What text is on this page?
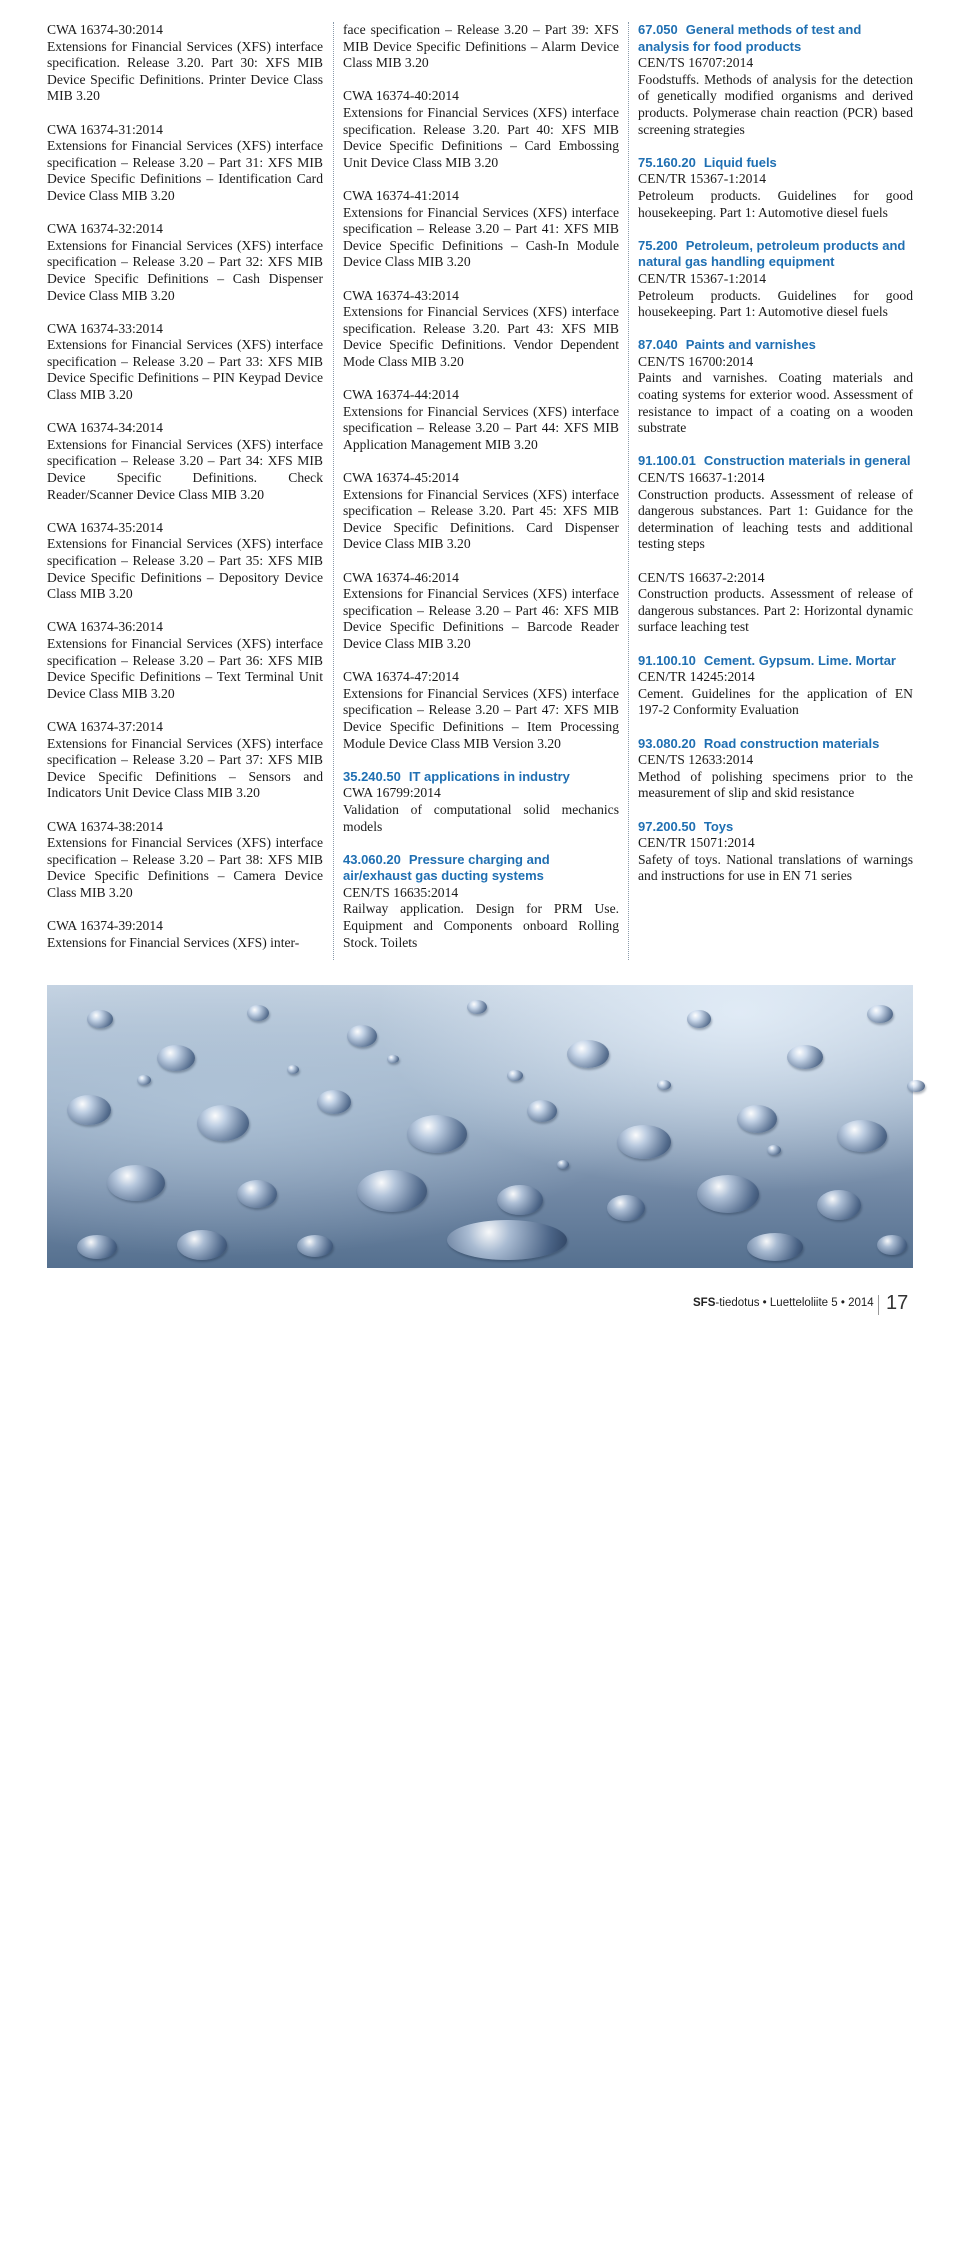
CWA 16374-30:2014
Extensions for Financial Services (XFS) interface specification. Release 3.20. Part 30: XFS MIB Device Specific Definitions. Printer Device Class MIB 3.20
CWA 16374-31:2014
Extensions for Financial Services (XFS) interface specification – Release 3.20 – Part 31: XFS MIB Device Specific Definitions – Identification Card Device Class MIB 3.20
CWA 16374-32:2014
Extensions for Financial Services (XFS) interface specification – Release 3.20 – Part 32: XFS MIB Device Specific Definitions – Cash Dispenser Device Class MIB 3.20
CWA 16374-33:2014
Extensions for Financial Services (XFS) interface specification – Release 3.20 – Part 33: XFS MIB Device Specific Definitions – PIN Keypad Device Class MIB 3.20
CWA 16374-34:2014
Extensions for Financial Services (XFS) interface specification – Release 3.20 – Part 34: XFS MIB Device Specific Definitions. Check Reader/Scanner Device Class MIB 3.20
CWA 16374-35:2014
Extensions for Financial Services (XFS) interface specification – Release 3.20 – Part 35: XFS MIB Device Specific Definitions – Depository Device Class MIB 3.20
CWA 16374-36:2014
Extensions for Financial Services (XFS) interface specification – Release 3.20 – Part 36: XFS MIB Device Specific Definitions – Text Terminal Unit Device Class MIB 3.20
CWA 16374-37:2014
Extensions for Financial Services (XFS) interface specification – Release 3.20 – Part 37: XFS MIB Device Specific Definitions – Sensors and Indicators Unit Device Class MIB 3.20
CWA 16374-38:2014
Extensions for Financial Services (XFS) interface specification – Release 3.20 – Part 38: XFS MIB Device Specific Definitions – Camera Device Class MIB 3.20
CWA 16374-39:2014
Extensions for Financial Services (XFS) inter-
face specification – Release 3.20 – Part 39: XFS MIB Device Specific Definitions – Alarm Device Class MIB 3.20
CWA 16374-40:2014
Extensions for Financial Services (XFS) interface specification. Release 3.20. Part 40: XFS MIB Device Specific Definitions – Card Embossing Unit Device Class MIB 3.20
CWA 16374-41:2014
Extensions for Financial Services (XFS) interface specification – Release 3.20 – Part 41: XFS MIB Device Specific Definitions – Cash-In Module Device Class MIB 3.20
CWA 16374-43:2014
Extensions for Financial Services (XFS) interface specification. Release 3.20. Part 43: XFS MIB Device Specific Definitions. Vendor Dependent Mode Class MIB 3.20
CWA 16374-44:2014
Extensions for Financial Services (XFS) interface specification – Release 3.20 – Part 44: XFS MIB Application Management MIB 3.20
CWA 16374-45:2014
Extensions for Financial Services (XFS) interface specification – Release 3.20. Part 45: XFS MIB Device Specific Definitions. Card Dispenser Device Class MIB 3.20
CWA 16374-46:2014
Extensions for Financial Services (XFS) interface specification – Release 3.20 – Part 46: XFS MIB Device Specific Definitions – Barcode Reader Device Class MIB 3.20
CWA 16374-47:2014
Extensions for Financial Services (XFS) interface specification – Release 3.20 – Part 47: XFS MIB Device Specific Definitions – Item Processing Module Device Class MIB Version 3.20
35.240.50 IT applications in industry
CWA 16799:2014
Validation of computational solid mechanics models
43.060.20 Pressure charging and air/exhaust gas ducting systems
CEN/TS 16635:2014
Railway application. Design for PRM Use. Equipment and Components onboard Rolling Stock. Toilets
67.050 General methods of test and analysis for food products
CEN/TS 16707:2014
Foodstuffs. Methods of analysis for the detection of genetically modified organisms and derived products. Polymerase chain reaction (PCR) based screening strategies
75.160.20 Liquid fuels
CEN/TR 15367-1:2014
Petroleum products. Guidelines for good housekeeping. Part 1: Automotive diesel fuels
75.200 Petroleum, petroleum products and natural gas handling equipment
CEN/TR 15367-1:2014
Petroleum products. Guidelines for good housekeeping. Part 1: Automotive diesel fuels
87.040 Paints and varnishes
CEN/TS 16700:2014
Paints and varnishes. Coating materials and coating systems for exterior wood. Assessment of resistance to impact of a coating on a wooden substrate
91.100.01 Construction materials in general
CEN/TS 16637-1:2014
Construction products. Assessment of release of dangerous substances. Part 1: Guidance for the determination of leaching tests and additional testing steps
CEN/TS 16637-2:2014
Construction products. Assessment of release of dangerous substances. Part 2: Horizontal dynamic surface leaching test
91.100.10 Cement. Gypsum. Lime. Mortar
CEN/TR 14245:2014
Cement. Guidelines for the application of EN 197-2 Conformity Evaluation
93.080.20 Road construction materials
CEN/TS 12633:2014
Method of polishing specimens prior to the measurement of slip and skid resistance
97.200.50 Toys
CEN/TR 15071:2014
Safety of toys. National translations of warnings and instructions for use in EN 71 series
Freeimages.com/xenin
SFS-tiedotus • Luetteloliite 5 • 2014 17
